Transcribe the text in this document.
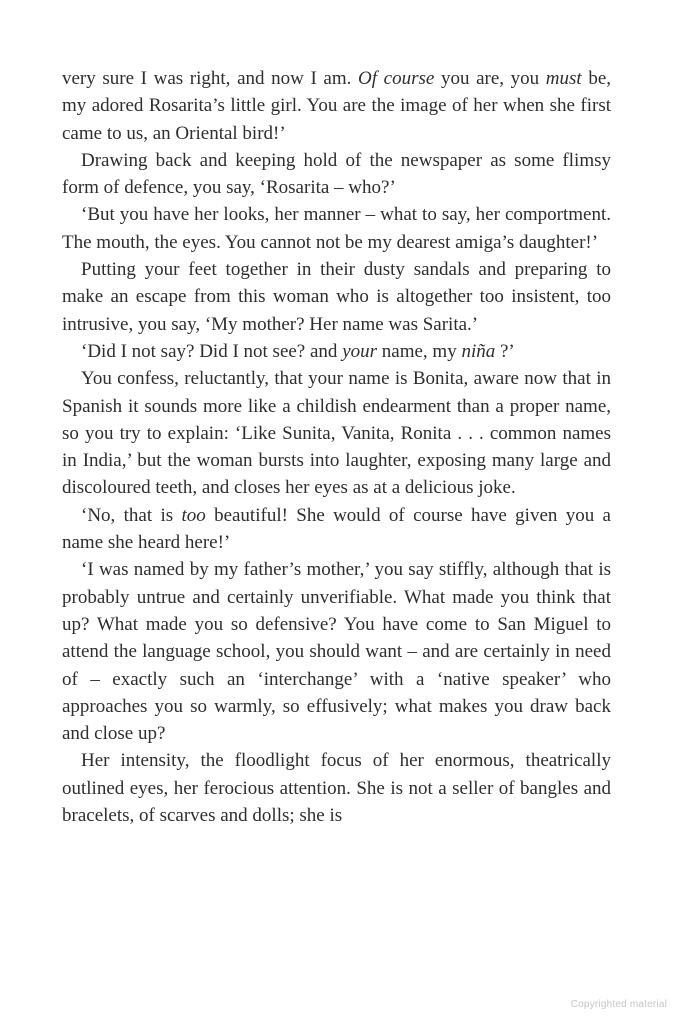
very sure I was right, and now I am. Of course you are, you must be, my adored Rosarita’s little girl. You are the image of her when she first came to us, an Oriental bird!’

Drawing back and keeping hold of the newspaper as some flimsy form of defence, you say, ‘Rosarita – who?’

‘But you have her looks, her manner – what to say, her comportment. The mouth, the eyes. You cannot not be my dearest amiga’s daughter!’

Putting your feet together in their dusty sandals and preparing to make an escape from this woman who is altogether too insistent, too intrusive, you say, ‘My mother? Her name was Sarita.’

‘Did I not say? Did I not see? and your name, my niña ?’

You confess, reluctantly, that your name is Bonita, aware now that in Spanish it sounds more like a childish endearment than a proper name, so you try to explain: ‘Like Sunita, Vanita, Ronita . . . common names in India,’ but the woman bursts into laughter, exposing many large and discoloured teeth, and closes her eyes as at a delicious joke.

‘No, that is too beautiful! She would of course have given you a name she heard here!’

‘I was named by my father’s mother,’ you say stiffly, although that is probably untrue and certainly unverifiable. What made you think that up? What made you so defensive? You have come to San Miguel to attend the language school, you should want – and are certainly in need of – exactly such an ‘interchange’ with a ‘native speaker’ who approaches you so warmly, so effusively; what makes you draw back and close up?

Her intensity, the floodlight focus of her enormous, theatrically outlined eyes, her ferocious attention. She is not a seller of bangles and bracelets, of scarves and dolls; she is

Copyrighted material
